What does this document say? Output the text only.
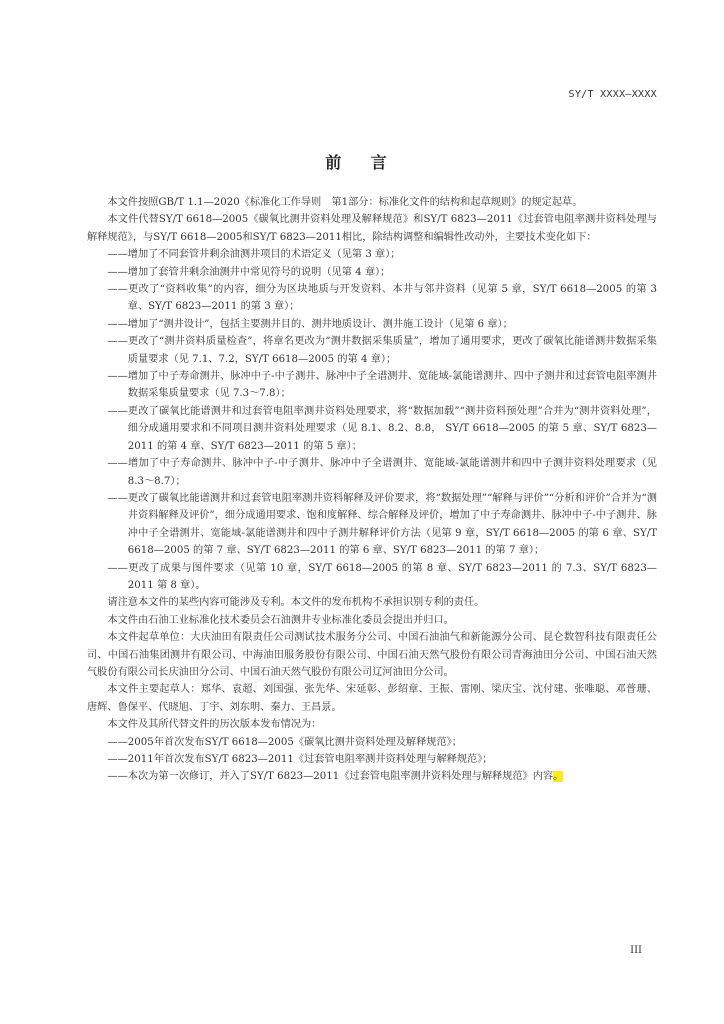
SY/T XXXX—XXXX
前 言

本文件按照GB/T 1.1—2020《标准化工作导则　第1部分：标准化文件的结构和起草规则》的规定起草。

本文件代替SY/T 6618—2005《碳氧比测井资料处理及解释规范》和SY/T 6823—2011《过套管电阻率测井资料处理与解释规范》，与SY/T 6618—2005和SY/T 6823—2011相比，除结构调整和编辑性改动外，主要技术变化如下：

——增加了不同套管井剩余油测井项目的术语定义（见第 3 章）；

——增加了套管井剩余油测井中常见符号的说明（见第 4 章）；

——更改了“资料收集”的内容，细分为区块地质与开发资料、本井与邻井资料（见第 5 章，SY/T 6618—2005 的第 3 章、SY/T 6823—2011 的第 3 章）；

——增加了“测井设计”，包括主要测井目的、测井地质设计、测井施工设计（见第 6 章）；

——更改了“测井资料质量检查”，将章名更改为“测井数据采集质量”，增加了通用要求，更改了碳氧比能谱测井数据采集质量要求（见 7.1、7.2，SY/T 6618—2005 的第 4 章）；

——增加了中子寿命测井、脉冲中子-中子测井、脉冲中子全谱测井、宽能域-氯能谱测井、四中子测井和过套管电阻率测井数据采集质量要求（见 7.3～7.8）；

——更改了碳氧比能谱测井和过套管电阻率测井资料处理要求，将“数据加载”“测井资料预处理”合并为“测井资料处理”，细分成通用要求和不同项目测井资料处理要求（见 8.1、8.2、8.8， SY/T 6618—2005 的第 5 章、SY/T 6823—2011 的第 4 章、SY/T 6823—2011 的第 5 章）；

——增加了中子寿命测井、脉冲中子-中子测井、脉冲中子全谱测井、宽能域-氯能谱测井和四中子测井资料处理要求（见 8.3～8.7）；

——更改了碳氧比能谱测井和过套管电阻率测井资料解释及评价要求，将“数据处理”“解释与评价”“分析和评价”合并为“测井资料解释及评价”，细分成通用要求、饱和度解释、综合解释及评价，增加了中子寿命测井、脉冲中子-中子测井、脉冲中子全谱测井、宽能域-氯能谱测井和四中子测井解释评价方法（见第 9 章，SY/T 6618—2005 的第 6 章、SY/T 6618—2005 的第 7 章、SY/T 6823—2011 的第 6 章、SY/T 6823—2011 的第 7 章）；

——更改了成果与图件要求（见第 10 章，SY/T 6618—2005 的第 8 章、SY/T 6823—2011 的 7.3、SY/T 6823—2011 第 8 章）。

请注意本文件的某些内容可能涉及专利。本文件的发布机构不承担识别专利的责任。

本文件由石油工业标准化技术委员会石油测井专业标准化委员会提出并归口。

本文件起草单位：大庆油田有限责任公司测试技术服务分公司、中国石油油气和新能源分公司、昆仑数智科技有限责任公司、中国石油集团测井有限公司、中海油田服务股份有限公司、中国石油天然气股份有限公司青海油田分公司、中国石油天然气股份有限公司长庆油田分公司、中国石油天然气股份有限公司辽河油田分公司。

本文件主要起草人：郑华、袁超、刘国强、张先华、宋延彰、彭绍章、王振、雷刚、梁庆宝、沈付建、张唯聪、邓普珊、唐辉、鲁保平、代晓旭、丁宇、刘东明、秦力、王昌景。

本文件及其所代替文件的历次版本发布情况为：

——2005年首次发布SY/T 6618—2005《碳氧比测井资料处理及解释规范》；

——2011年首次发布SY/T 6823—2011《过套管电阻率测井资料处理与解释规范》；

——本次为第一次修订，并入了SY/T 6823—2011《过套管电阻率测井资料处理与解释规范》内容。

III
